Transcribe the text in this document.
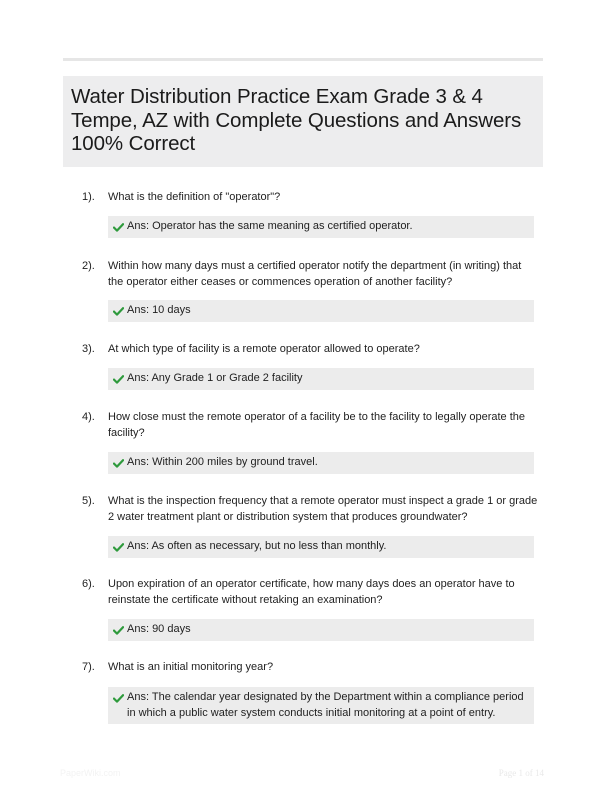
Water Distribution Practice Exam Grade 3 & 4 Tempe, AZ with Complete Questions and Answers 100% Correct
1). What is the definition of "operator"?
Ans: Operator has the same meaning as certified operator.
2). Within how many days must a certified operator notify the department (in writing) that the operator either ceases or commences operation of another facility?
Ans: 10 days
3). At which type of facility is a remote operator allowed to operate?
Ans: Any Grade 1 or Grade 2 facility
4). How close must the remote operator of a facility be to the facility to legally operate the facility?
Ans: Within 200 miles by ground travel.
5). What is the inspection frequency that a remote operator must inspect a grade 1 or grade 2 water treatment plant or distribution system that produces groundwater?
Ans: As often as necessary, but no less than monthly.
6). Upon expiration of an operator certificate, how many days does an operator have to reinstate the certificate without retaking an examination?
Ans: 90 days
7). What is an initial monitoring year?
Ans: The calendar year designated by the Department within a compliance period in which a public water system conducts initial monitoring at a point of entry.
PaperWiki.com	Page 1 of 14
